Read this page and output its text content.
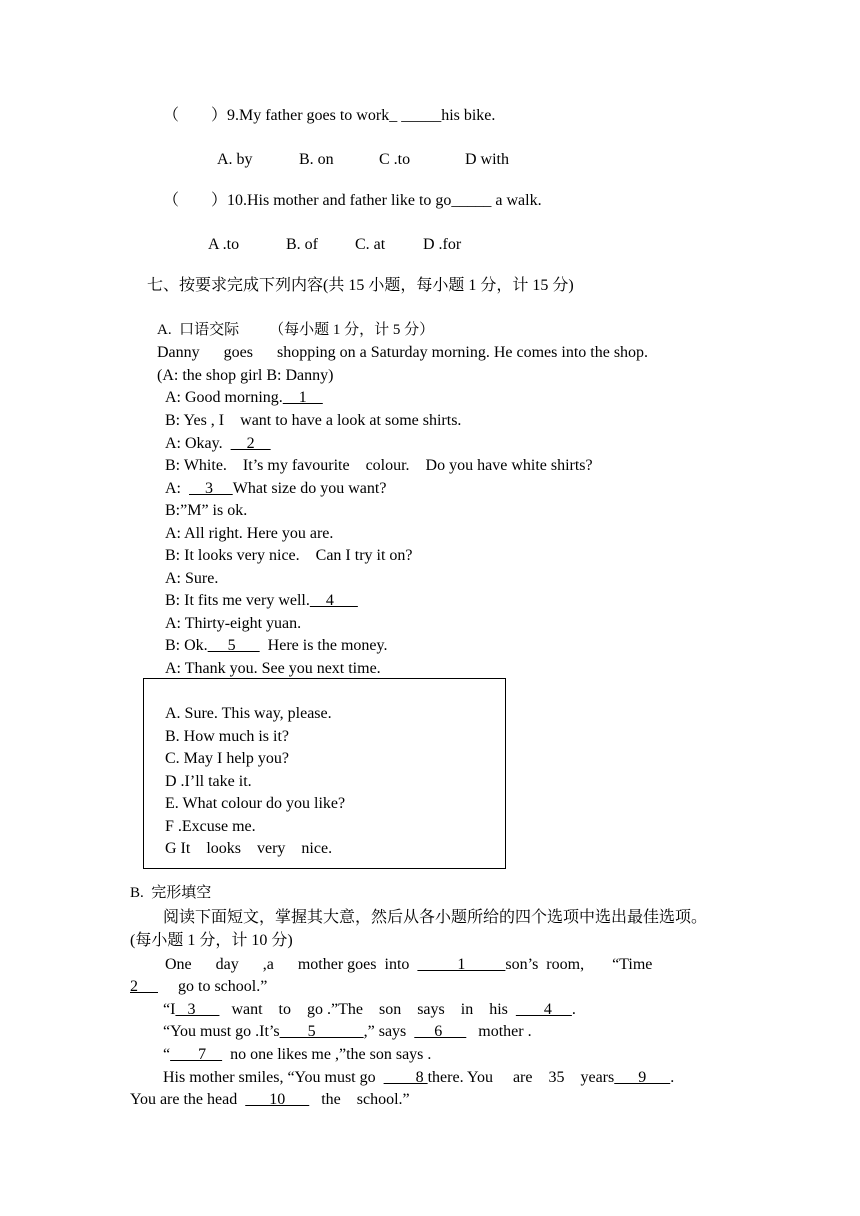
（　　）9.My father goes to work_ _____his bike.
A. by	B. on	C .to	D with
（　　）10.His mother and father like to go_____ a walk.
A .to	B. of C. at D .for
七、按要求完成下列内容(共 15 小题，每小题 1 分，计 15 分)
A.  口语交际 （每小题 1 分，计 5 分）
Danny      goes      shopping on a Saturday morning. He comes into the shop.
(A: the shop girl B: Danny)
A: Good morning.    1
B: Yes , I    want to have a look at some shirts.
A: Okay.      2
B: White.    It’s my favourite    colour.    Do you have white shirts?
A:      3     What size do you want?
B:”M” is ok.
A: All right. Here you are.
B: It looks very nice.    Can I try it on?
A: Sure.
B: It fits me very well.    4
A: Thirty-eight yuan.
B: Ok.     5        Here is the money.
A: Thank you. See you next time.
A. Sure. This way, please.
B. How much is it?
C. May I help you?
D .I’ll take it.
E. What colour do you like?
F .Excuse me.
G It    looks    very    nice.
B.  完形填空
阅读下面短文，掌握其大意，然后从各小题所给的四个选项中选出最佳选项。
(每小题 1 分，计 10 分)
One      day      ,a      mother goes  into            1          son’s  room,       “Time
2          go to school.”
“I   3         want    to    go .”The    son    says    in    his         4     .
“You must go .It’s       5            ,” says       6         mother .
“       7      no one likes me ,”the son says .
His mother smiles, “You must go          8 there. You     are    35    years      9      .
You are the head        10         the    school.”
